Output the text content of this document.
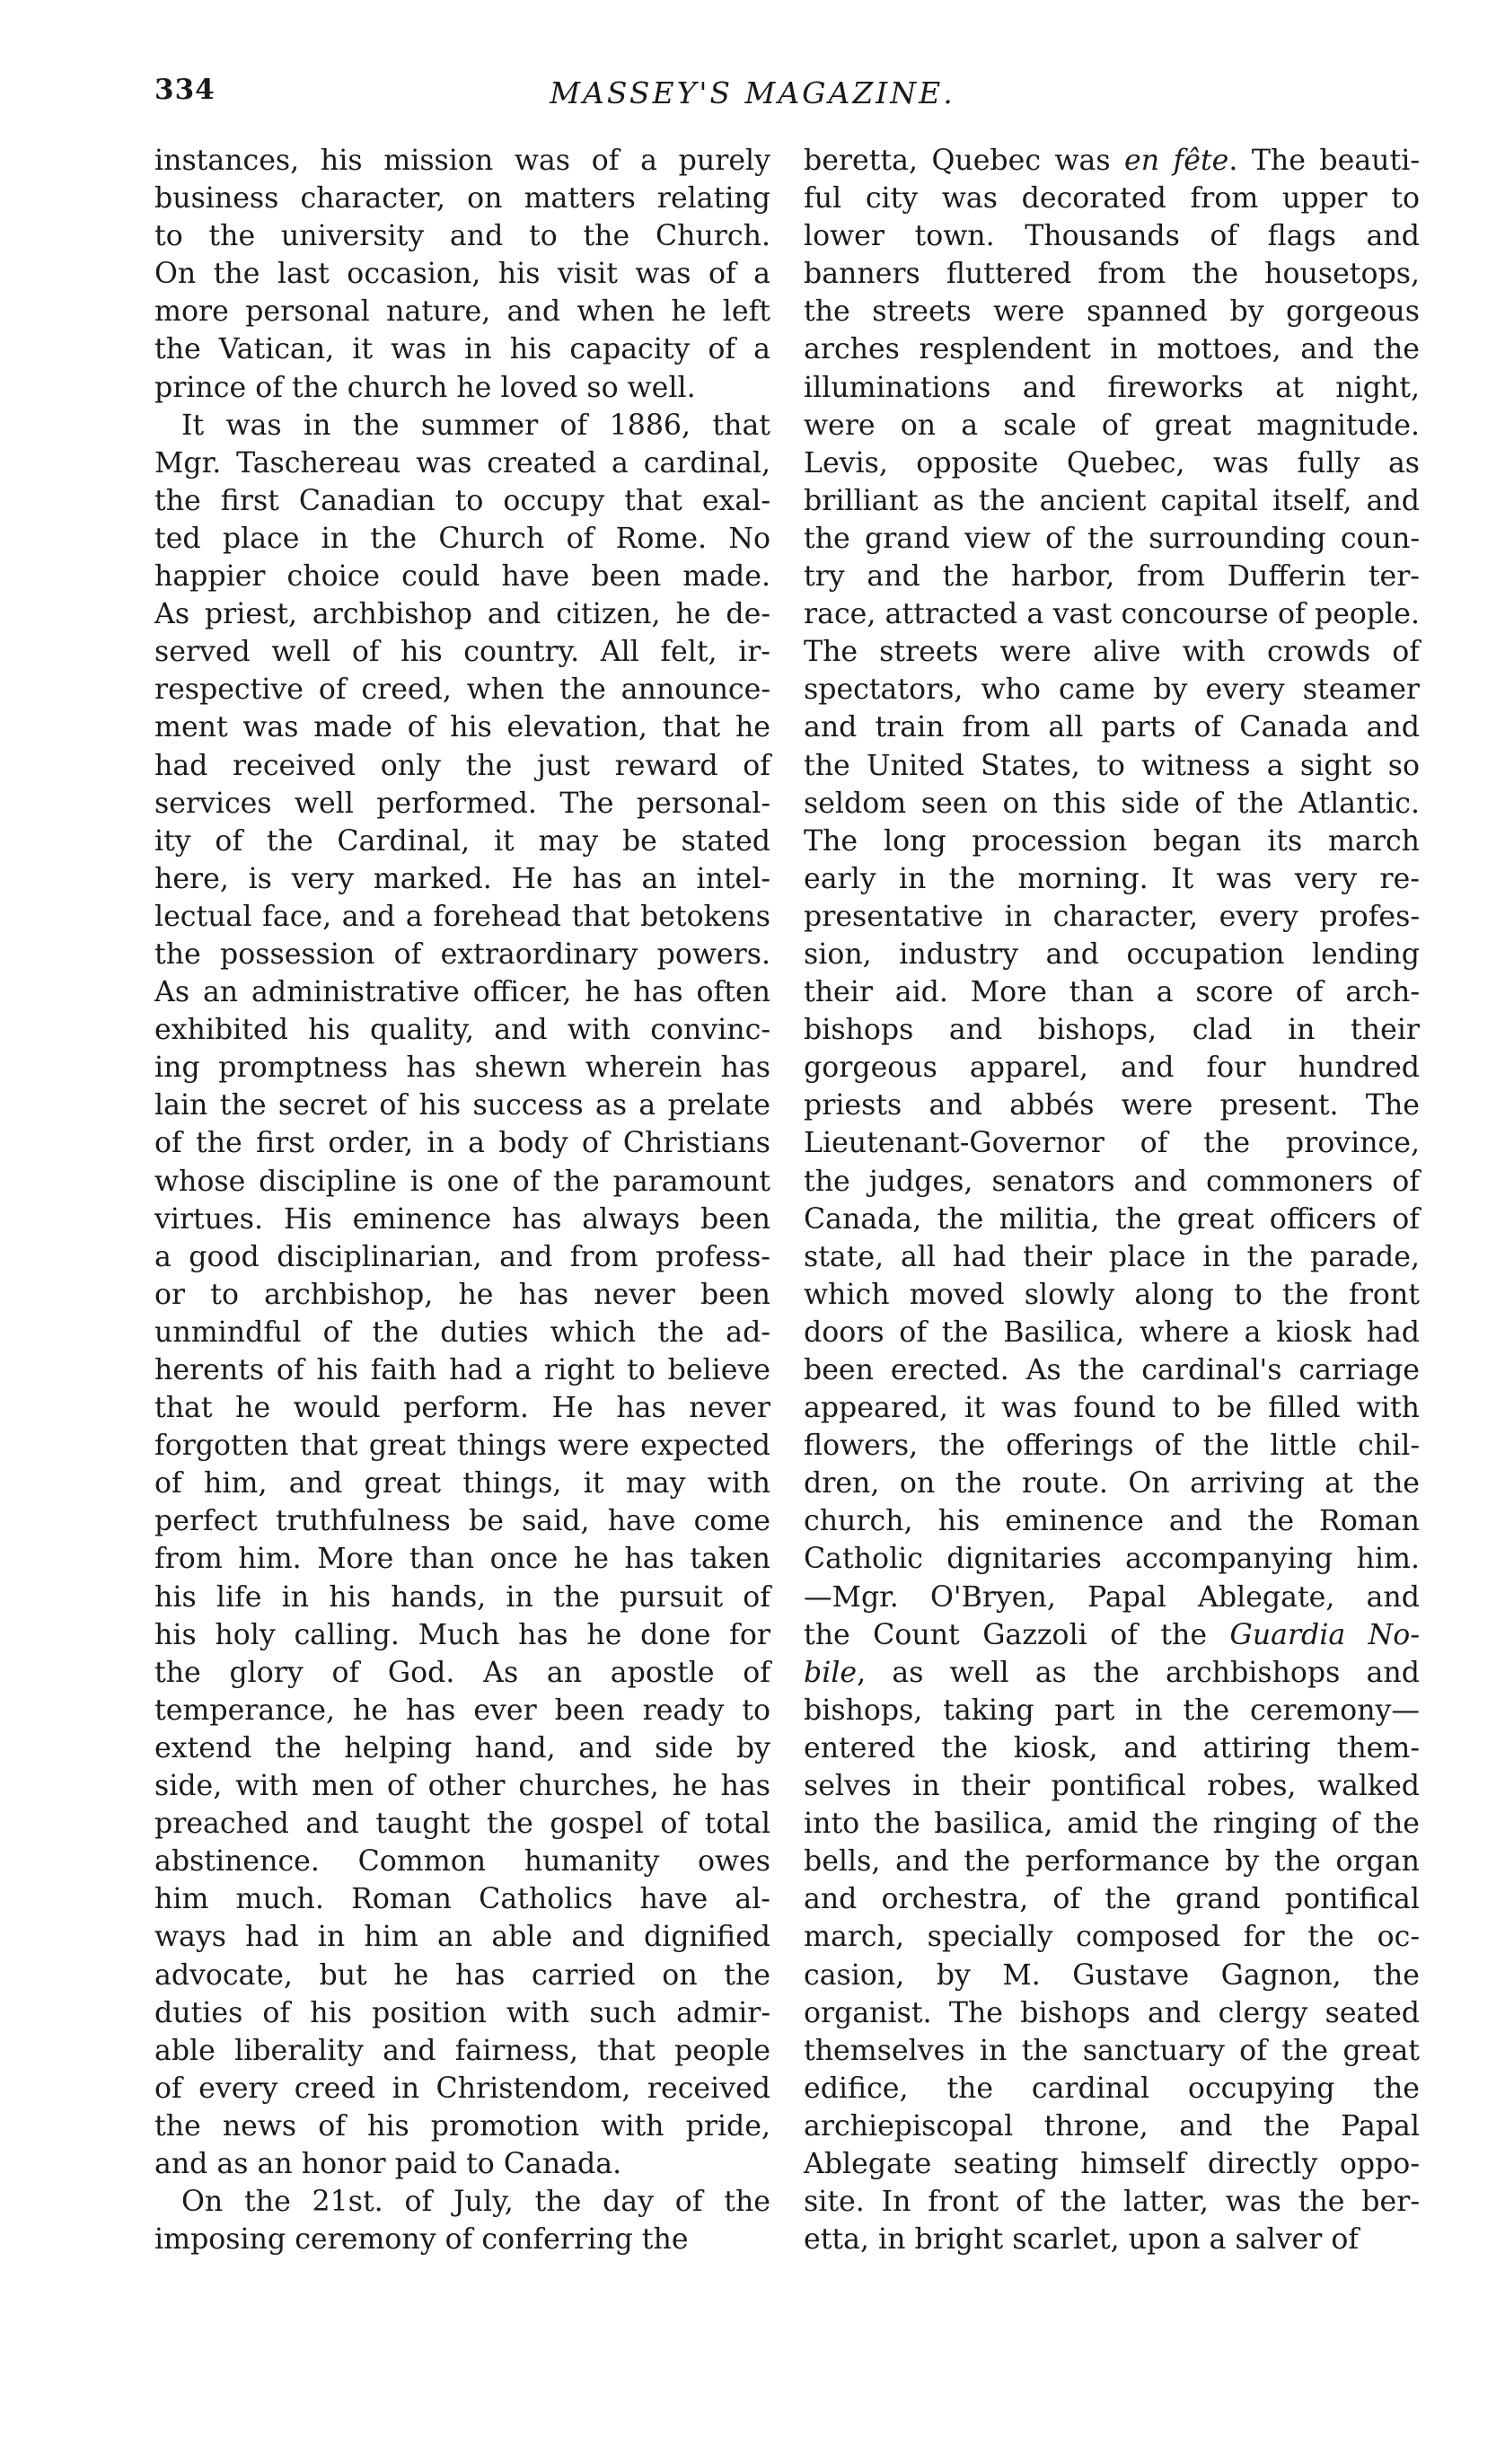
334	MASSEY'S MAGAZINE.
instances, his mission was of a purely
business character, on matters relating
to the university and to the Church.
On the last occasion, his visit was of a
more personal nature, and when he left
the Vatican, it was in his capacity of a
prince of the church he loved so well.
It was in the summer of 1886, that
Mgr. Taschereau was created a cardinal,
the first Canadian to occupy that exal-
ted place in the Church of Rome. No
happier choice could have been made.
As priest, archbishop and citizen, he de-
served well of his country. All felt, ir-
respective of creed, when the announce-
ment was made of his elevation, that he
had received only the just reward of
services well performed. The personal-
ity of the Cardinal, it may be stated
here, is very marked. He has an intel-
lectual face, and a forehead that betokens
the possession of extraordinary powers.
As an administrative officer, he has often
exhibited his quality, and with convinc-
ing promptness has shewn wherein has
lain the secret of his success as a prelate
of the first order, in a body of Christians
whose discipline is one of the paramount
virtues. His eminence has always been
a good disciplinarian, and from profess-
or to archbishop, he has never been
unmindful of the duties which the ad-
herents of his faith had a right to believe
that he would perform. He has never
forgotten that great things were expected
of him, and great things, it may with
perfect truthfulness be said, have come
from him. More than once he has taken
his life in his hands, in the pursuit of
his holy calling. Much has he done for
the glory of God. As an apostle of
temperance, he has ever been ready to
extend the helping hand, and side by
side, with men of other churches, he has
preached and taught the gospel of total
abstinence. Common humanity owes
him much. Roman Catholics have al-
ways had in him an able and dignified
advocate, but he has carried on the
duties of his position with such admir-
able liberality and fairness, that people
of every creed in Christendom, received
the news of his promotion with pride,
and as an honor paid to Canada.
On the 21st. of July, the day of the
imposing ceremony of conferring the
beretta, Quebec was en fête. The beauti-
ful city was decorated from upper to
lower town. Thousands of flags and
banners fluttered from the housetops,
the streets were spanned by gorgeous
arches resplendent in mottoes, and the
illuminations and fireworks at night,
were on a scale of great magnitude.
Levis, opposite Quebec, was fully as
brilliant as the ancient capital itself, and
the grand view of the surrounding coun-
try and the harbor, from Dufferin ter-
race, attracted a vast concourse of people.
The streets were alive with crowds of
spectators, who came by every steamer
and train from all parts of Canada and
the United States, to witness a sight so
seldom seen on this side of the Atlantic.
The long procession began its march
early in the morning. It was very re-
presentative in character, every profes-
sion, industry and occupation lending
their aid. More than a score of arch-
bishops and bishops, clad in their
gorgeous apparel, and four hundred
priests and abbés were present. The
Lieutenant-Governor of the province,
the judges, senators and commoners of
Canada, the militia, the great officers of
state, all had their place in the parade,
which moved slowly along to the front
doors of the Basilica, where a kiosk had
been erected. As the cardinal's carriage
appeared, it was found to be filled with
flowers, the offerings of the little chil-
dren, on the route. On arriving at the
church, his eminence and the Roman
Catholic dignitaries accompanying him.
—Mgr. O'Bryen, Papal Ablegate, and
the Count Gazzoli of the Guardia No-
bile, as well as the archbishops and
bishops, taking part in the ceremony—
entered the kiosk, and attiring them-
selves in their pontifical robes, walked
into the basilica, amid the ringing of the
bells, and the performance by the organ
and orchestra, of the grand pontifical
march, specially composed for the oc-
casion, by M. Gustave Gagnon, the
organist. The bishops and clergy seated
themselves in the sanctuary of the great
edifice, the cardinal occupying the
archiepiscopal throne, and the Papal
Ablegate seating himself directly oppo-
site. In front of the latter, was the ber-
etta, in bright scarlet, upon a salver of
